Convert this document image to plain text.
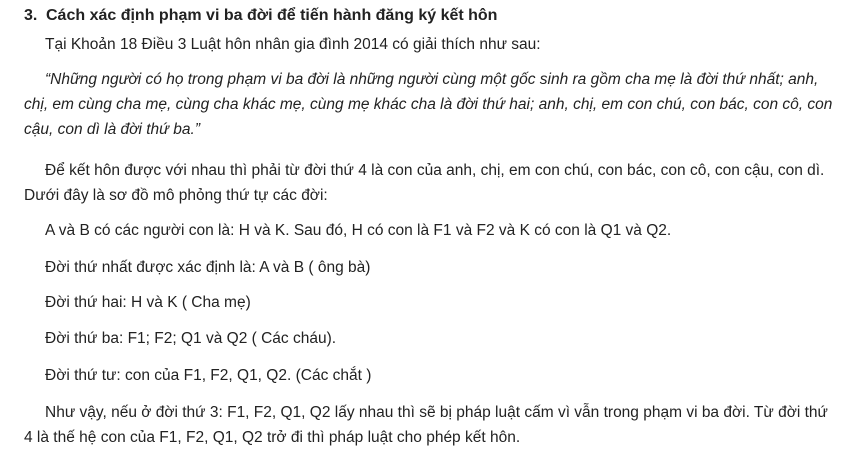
3. Cách xác định phạm vi ba đời để tiến hành đăng ký kết hôn
Tại Khoản 18 Điều 3 Luật hôn nhân gia đình 2014 có giải thích như sau:

“Những người có họ trong phạm vi ba đời là những người cùng một gốc sinh ra gồm cha mẹ là đời thứ nhất; anh, chị, em cùng cha mẹ, cùng cha khác mẹ, cùng mẹ khác cha là đời thứ hai; anh, chị, em con chú, con bác, con cô, con cậu, con dì là đời thứ ba.”

Để kết hôn được với nhau thì phải từ đời thứ 4 là con của anh, chị, em con chú, con bác, con cô, con cậu, con dì. Dưới đây là sơ đồ mô phỏng thứ tự các đời:

A và B có các người con là: H và K. Sau đó, H có con là F1 và F2 và K có con là Q1 và Q2.
Đời thứ nhất được xác định là: A và B ( ông bà)
Đời thứ hai: H và K ( Cha mẹ)
Đời thứ ba: F1; F2; Q1 và Q2 ( Các cháu).
Đời thứ tư: con của F1, F2, Q1, Q2. (Các chắt )

Như vậy, nếu ở đời thứ 3: F1, F2, Q1, Q2 lấy nhau thì sẽ bị pháp luật cấm vì vẫn trong phạm vi ba đời. Từ đời thứ 4 là thế hệ con của F1, F2, Q1, Q2 trở đi thì pháp luật cho phép kết hôn.
